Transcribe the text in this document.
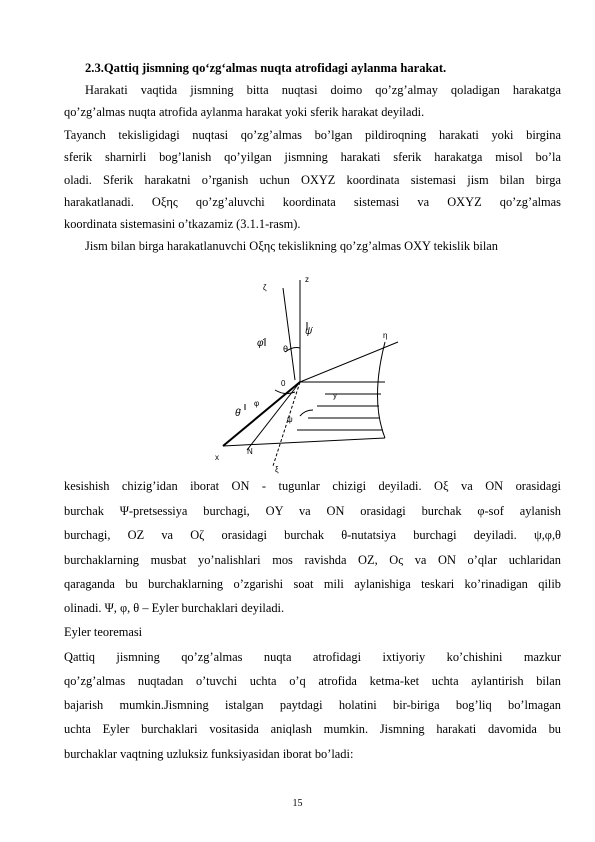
2.3.Qattiq jismning qo‘zg‘almas nuqta atrofidagi aylanma harakat.
Harakati vaqtida jismning bitta nuqtasi doimo qo’zg’almay qoladigan harakatga
qo’zg’almas nuqta atrofida aylanma harakat yoki sferik harakat deyiladi.
Tayanch tekisligidagi nuqtasi qo’zg’almas bo’lgan pildiroqning harakati yoki birgina
sferik sharnirli bog’lanish qo’yilgan jismning harakati sferik harakatga misol bo’la
oladi. Sferik harakatni o’rganish uchun OXYZ koordinata sistemasi jism bilan birga
harakatlanadi. Oξης qo’zg’aluvchi koordinata sistemasi va OXYZ qo’zg’almas
koordinata sistemasini o’tkazamiz (3.1.1-rasm).
Jism bilan birga harakatlanuvchi Oξης tekislikning qo’zg’almas OXY tekislik bilan
ζ
z
η
θ
0
y
φ
ψ
x
N
ξ
φ̇
ψ̇
θ̇
kesishish chizig’idan iborat ON - tugunlar chizigi deyiladi. Oξ va ON orasidagi
burchak Ψ-pretsessiya burchagi, OY va ON orasidagi burchak φ-sof aylanish
burchagi, OZ va Oζ orasidagi burchak θ-nutatsiya burchagi deyiladi. ψ,φ,θ
burchaklarning musbat yo’nalishlari mos ravishda OZ, Oς va ON o’qlar uchlaridan
qaraganda bu burchaklarning o’zgarishi soat mili aylanishiga teskari ko’rinadigan qilib
olinadi. Ψ, φ, θ – Eyler burchaklari deyiladi.
Eyler teoremasi
Qattiq jismning qo’zg’almas nuqta atrofidagi ixtiyoriy ko’chishini mazkur
qo’zg’almas nuqtadan o’tuvchi uchta o’q atrofida ketma-ket uchta aylantirish bilan
bajarish mumkin.Jismning istalgan paytdagi holatini bir-biriga bog’liq bo’lmagan
uchta Eyler burchaklari vositasida aniqlash mumkin. Jismning harakati davomida bu
burchaklar vaqtning uzluksiz funksiyasidan iborat bo’ladi:
15
